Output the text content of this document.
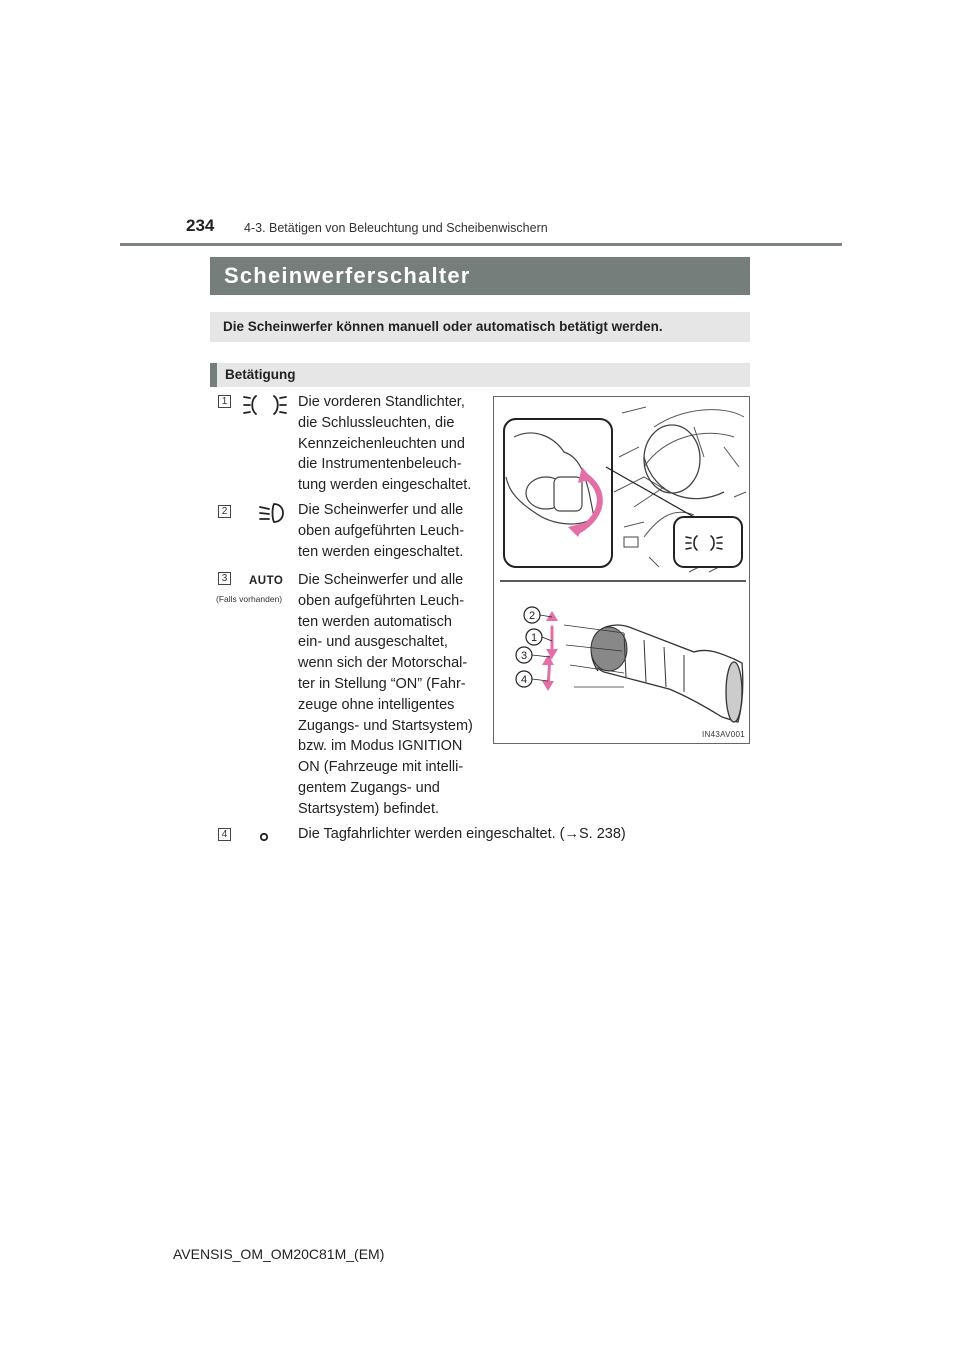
234 4-3. Betätigen von Beleuchtung und Scheibenwischern
Scheinwerferschalter
Die Scheinwerfer können manuell oder automatisch betätigt werden.
Betätigung
1	Die vorderen Standlichter,
die Schlussleuchten, die
Kennzeichenleuchten und
die Instrumentenbeleuch-
tung werden eingeschaltet.
2	Die Scheinwerfer und alle
oben aufgeführten Leuch-
ten werden eingeschaltet.
3	AUTO
(Falls vorhanden)
Die Scheinwerfer und alle
oben aufgeführten Leuch-
ten werden automatisch
ein- und ausgeschaltet,
wenn sich der Motorschal-
ter in Stellung “ON” (Fahr-
zeuge ohne intelligentes
Zugangs- und Startsystem)
bzw. im Modus IGNITION
ON (Fahrzeuge mit intelli-
gentem Zugangs- und
Startsystem) befindet.
4	Die Tagfahrlichter werden eingeschaltet. (→S. 238)
2
1
3
4
IN43AV001
AVENSIS_OM_OM20C81M_(EM)
